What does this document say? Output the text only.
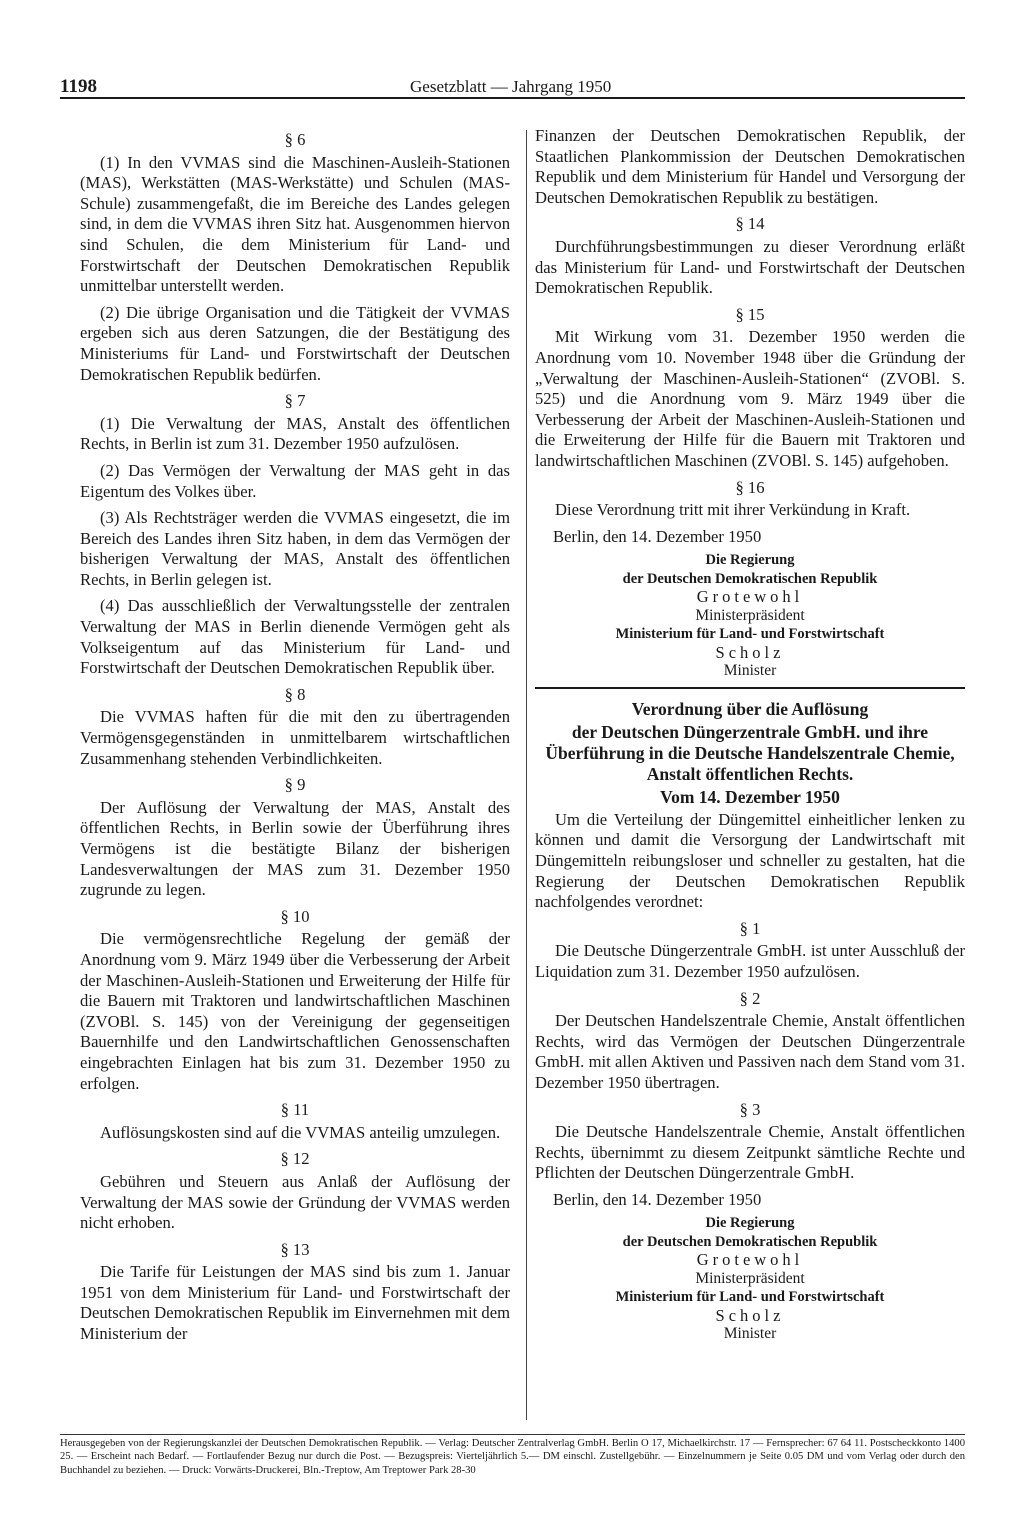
1198	Gesetzblatt — Jahrgang 1950
§ 6

(1) In den VVMAS sind die Maschinen-Ausleih-Stationen (MAS), Werkstätten (MAS-Werkstätte) und Schulen (MAS-Schule) zusammengefaßt, die im Bereiche des Landes gelegen sind, in dem die VVMAS ihren Sitz hat. Ausgenommen hiervon sind Schulen, die dem Ministerium für Land- und Forstwirtschaft der Deutschen Demokratischen Republik unmittelbar unterstellt werden.

(2) Die übrige Organisation und die Tätigkeit der VVMAS ergeben sich aus deren Satzungen, die der Bestätigung des Ministeriums für Land- und Forstwirtschaft der Deutschen Demokratischen Republik bedürfen.

§ 7

(1) Die Verwaltung der MAS, Anstalt des öffentlichen Rechts, in Berlin ist zum 31. Dezember 1950 aufzulösen.

(2) Das Vermögen der Verwaltung der MAS geht in das Eigentum des Volkes über.

(3) Als Rechtsträger werden die VVMAS eingesetzt, die im Bereich des Landes ihren Sitz haben, in dem das Vermögen der bisherigen Verwaltung der MAS, Anstalt des öffentlichen Rechts, in Berlin gelegen ist.

(4) Das ausschließlich der Verwaltungsstelle der zentralen Verwaltung der MAS in Berlin dienende Vermögen geht als Volkseigentum auf das Ministerium für Land- und Forstwirtschaft der Deutschen Demokratischen Republik über.

§ 8

Die VVMAS haften für die mit den zu übertragenden Vermögensgegenständen in unmittelbarem wirtschaftlichen Zusammenhang stehenden Verbindlichkeiten.

§ 9

Der Auflösung der Verwaltung der MAS, Anstalt des öffentlichen Rechts, in Berlin sowie der Überführung ihres Vermögens ist die bestätigte Bilanz der bisherigen Landesverwaltungen der MAS zum 31. Dezember 1950 zugrunde zu legen.

§ 10

Die vermögensrechtliche Regelung der gemäß der Anordnung vom 9. März 1949 über die Verbesserung der Arbeit der Maschinen-Ausleih-Stationen und Erweiterung der Hilfe für die Bauern mit Traktoren und landwirtschaftlichen Maschinen (ZVOBl. S. 145) von der Vereinigung der gegenseitigen Bauernhilfe und den Landwirtschaftlichen Genossenschaften eingebrachten Einlagen hat bis zum 31. Dezember 1950 zu erfolgen.

§ 11

Auflösungskosten sind auf die VVMAS anteilig umzulegen.

§ 12

Gebühren und Steuern aus Anlaß der Auflösung der Verwaltung der MAS sowie der Gründung der VVMAS werden nicht erhoben.

§ 13

Die Tarife für Leistungen der MAS sind bis zum 1. Januar 1951 von dem Ministerium für Land- und Forstwirtschaft der Deutschen Demokratischen Republik im Einvernehmen mit dem Ministerium der

Finanzen der Deutschen Demokratischen Republik, der Staatlichen Plankommission der Deutschen Demokratischen Republik und dem Ministerium für Handel und Versorgung der Deutschen Demokratischen Republik zu bestätigen.

§ 14

Durchführungsbestimmungen zu dieser Verordnung erläßt das Ministerium für Land- und Forstwirtschaft der Deutschen Demokratischen Republik.

§ 15

Mit Wirkung vom 31. Dezember 1950 werden die Anordnung vom 10. November 1948 über die Gründung der „Verwaltung der Maschinen-Ausleih-Stationen“ (ZVOBl. S. 525) und die Anordnung vom 9. März 1949 über die Verbesserung der Arbeit der Maschinen-Ausleih-Stationen und die Erweiterung der Hilfe für die Bauern mit Traktoren und landwirtschaftlichen Maschinen (ZVOBl. S. 145) aufgehoben.

§ 16

Diese Verordnung tritt mit ihrer Verkündung in Kraft.

Berlin, den 14. Dezember 1950
Die Regierung
der Deutschen Demokratischen Republik
Grotewohl
Ministerpräsident
Ministerium für Land- und Forstwirtschaft
Scholz
Minister
Verordnung über die Auflösung
der Deutschen Düngerzentrale GmbH. und ihre Überführung in die Deutsche Handelszentrale Chemie, Anstalt öffentlichen Rechts.
Vom 14. Dezember 1950

Um die Verteilung der Düngemittel einheitlicher lenken zu können und damit die Versorgung der Landwirtschaft mit Düngemitteln reibungsloser und schneller zu gestalten, hat die Regierung der Deutschen Demokratischen Republik nachfolgendes verordnet:

§ 1

Die Deutsche Düngerzentrale GmbH. ist unter Ausschluß der Liquidation zum 31. Dezember 1950 aufzulösen.

§ 2

Der Deutschen Handelszentrale Chemie, Anstalt öffentlichen Rechts, wird das Vermögen der Deutschen Düngerzentrale GmbH. mit allen Aktiven und Passiven nach dem Stand vom 31. Dezember 1950 übertragen.

§ 3

Die Deutsche Handelszentrale Chemie, Anstalt öffentlichen Rechts, übernimmt zu diesem Zeitpunkt sämtliche Rechte und Pflichten der Deutschen Düngerzentrale GmbH.

Berlin, den 14. Dezember 1950
Die Regierung
der Deutschen Demokratischen Republik
Grotewohl
Ministerpräsident
Ministerium für Land- und Forstwirtschaft
Scholz
Minister
Herausgegeben von der Regierungskanzlei der Deutschen Demokratischen Republik. — Verlag: Deutscher Zentralverlag GmbH. Berlin O 17, Michaelkirchstr. 17 — Fernsprecher: 67 64 11. Postscheckkonto 1400 25. — Erscheint nach Bedarf. — Fortlaufender Bezug nur durch die Post. — Bezugspreis: Vierteljährlich 5.— DM einschl. Zustellgebühr. — Einzelnummern je Seite 0.05 DM und vom Verlag oder durch den Buchhandel zu beziehen. — Druck: Vorwärts-Druckerei, Bln.-Treptow, Am Treptower Park 28-30
